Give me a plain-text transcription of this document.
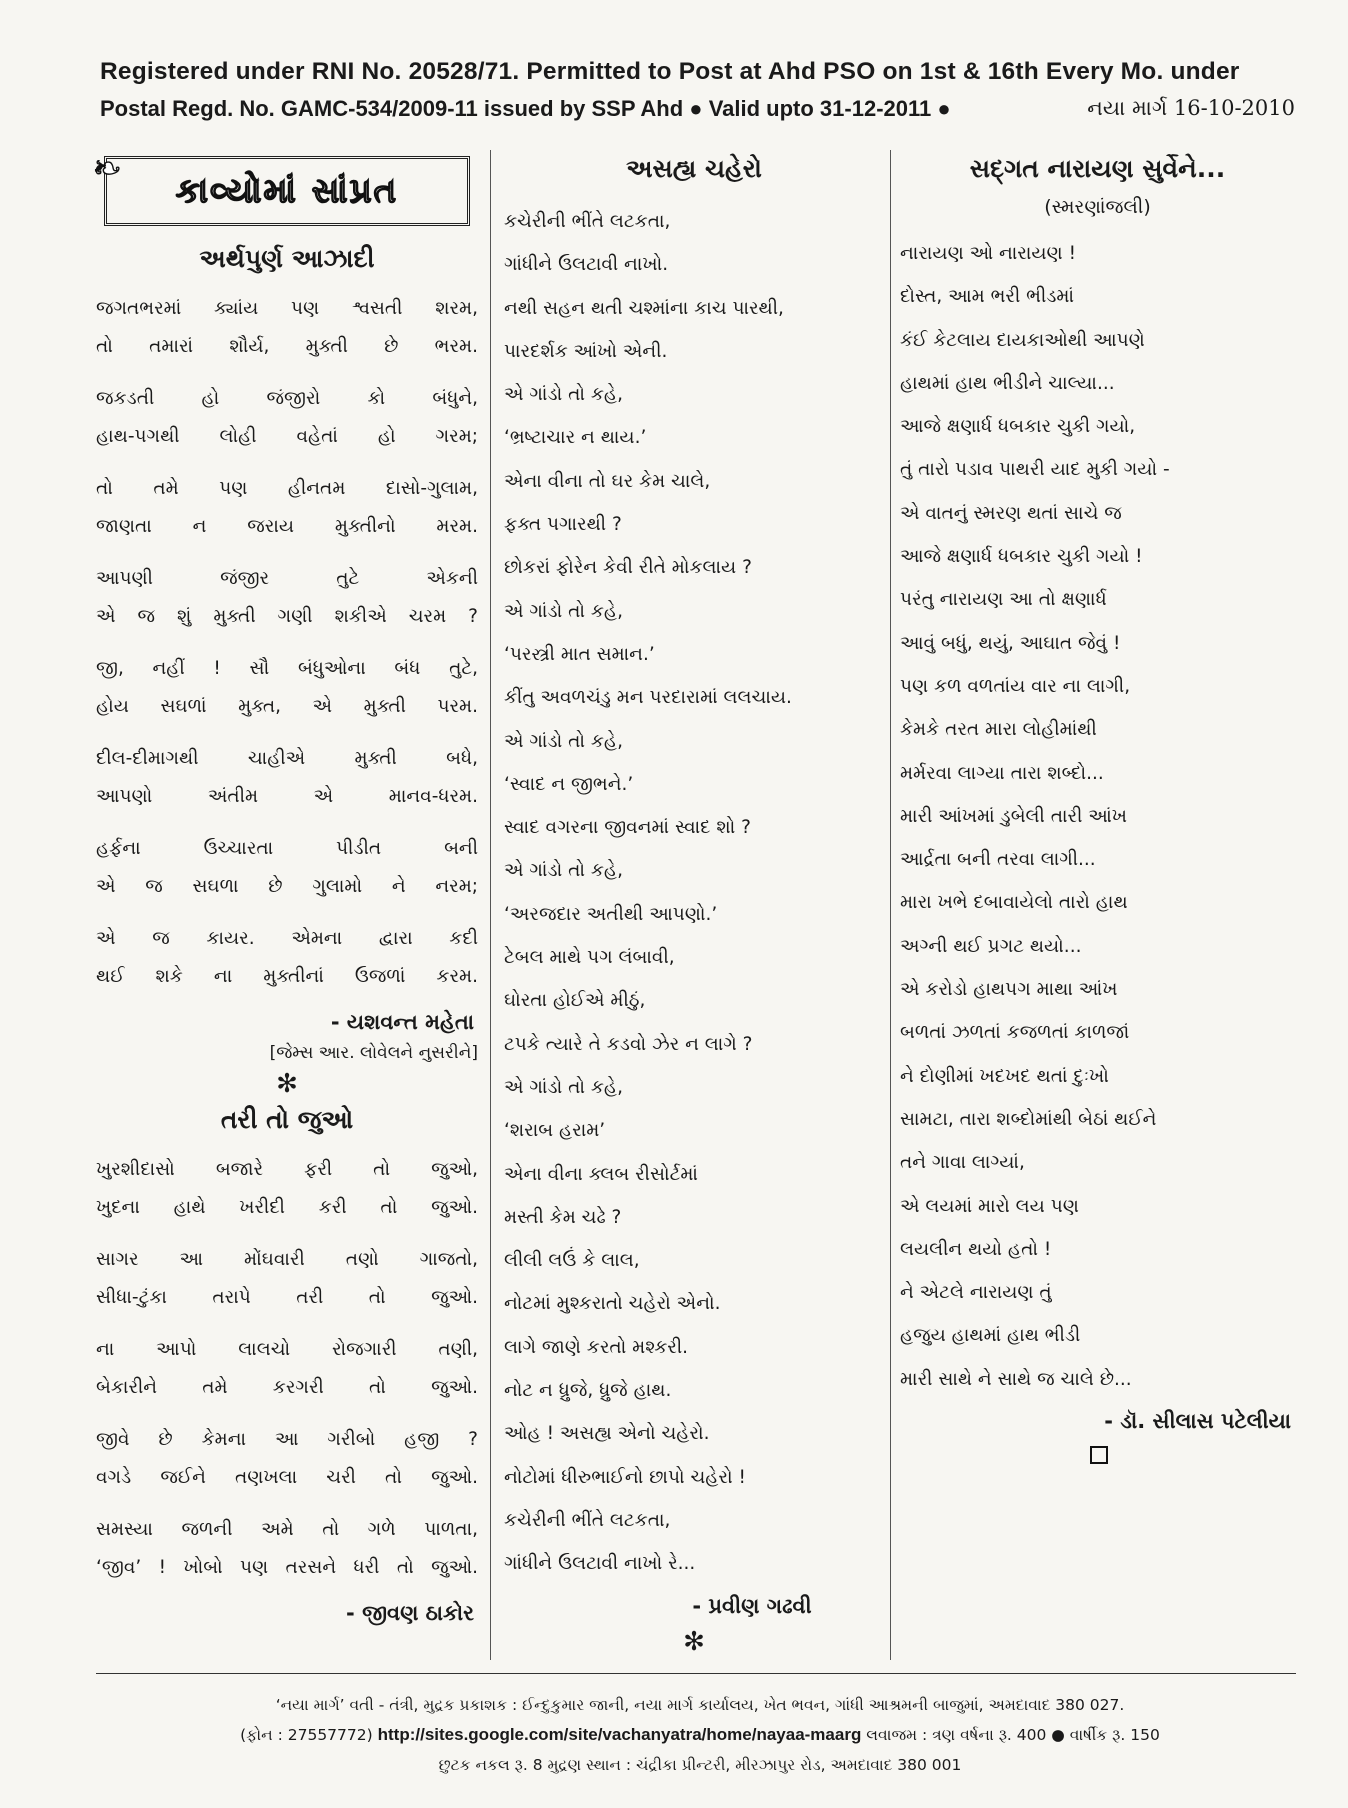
Registered under RNI No. 20528/71. Permitted to Post at Ahd PSO on 1st & 16th Every Mo. under
Postal Regd. No. GAMC-534/2009-11 issued by SSP Ahd ● Valid upto 31-12-2011 ●	નયા માર્ગ 16-10-2010
❧
કાવ્યોમાં સાંપ્રત
અર્થપુર્ણ આઝાદી
જગતભરમાં ક્યાંય પણ શ્વસતી શરમ,
તો તમારાં શૌર્ય, મુક્તી છે ભરમ.
જકડતી હો જંજીરો કો બંધુને,
હાથ-પગથી લોહી વહેતાં હો ગરમ;
તો તમે પણ હીનતમ દાસો-ગુલામ,
જાણતા ન જરાય મુક્તીનો મરમ.
આપણી જંજીર તુટે એકની
એ જ શું મુક્તી ગણી શકીએ ચરમ ?
જી, નહીં ! સૌ બંધુઓના બંધ તુટે,
હોય સઘળાં મુક્ત, એ મુક્તી પરમ.
દીલ-દીમાગથી ચાહીએ મુક્તી બધે,
આપણો અંતીમ એ માનવ-ધરમ.
હર્ફના ઉચ્ચારતા પીડીત બની
એ જ સઘળા છે ગુલામો ને નરમ;
એ જ કાયર. એમના દ્વારા કદી
થઈ શકે ના મુક્તીનાં ઉજળાં કરમ.
- યશવન્ત મહેતા
[જેમ્સ આર. લોવેલને નુસરીને]
✻
તરી તો જુઓ
ખુરશીદાસો બજારે ફરી તો જુઓ,
ખુદના હાથે ખરીદી કરી તો જુઓ.
સાગર આ મોંઘવારી તણો ગાજતો,
સીધા-ટુંકા તરાપે તરી તો જુઓ.
ના આપો લાલચો રોજગારી તણી,
બેકારીને તમે કરગરી તો જુઓ.
જીવે છે કેમના આ ગરીબો હજી ?
વગડે જઈને તણખલા ચરી તો જુઓ.
સમસ્યા જળની અમે તો ગળે પાળતા,
‘જીવ’ ! ખોબો પણ તરસને ધરી તો જુઓ.
- જીવણ ઠાકોર
અસહ્ય ચહેરો
કચેરીની ભીંતે લટકતા,
ગાંધીને ઉલટાવી નાખો.
નથી સહન થતી ચશ્માંના કાચ પારથી,
પારદર્શક આંખો એની.
એ ગાંડો તો કહે,
‘ભ્રષ્ટાચાર ન થાય.’
એના વીના તો ઘર કેમ ચાલે,
ફક્ત પગારથી ?
છોકરાં ફોરેન કેવી રીતે મોકલાય ?
એ ગાંડો તો કહે,
‘પરસ્ત્રી માત સમાન.’
કીંતુ અવળચંડુ મન પરદારામાં લલચાય.
એ ગાંડો તો કહે,
‘સ્વાદ ન જીભને.’
સ્વાદ વગરના જીવનમાં સ્વાદ શો ?
એ ગાંડો તો કહે,
‘અરજદાર અતીથી આપણો.’
ટેબલ માથે પગ લંબાવી,
ઘોરતા હોઈએ મીઠું,
ટપકે ત્યારે તે કડવો ઝેર ન લાગે ?
એ ગાંડો તો કહે,
‘શરાબ હરામ’
એના વીના ક્લબ રીસોર્ટમાં
મસ્તી કેમ ચઢે ?
લીલી લઉં કે લાલ,
નોટમાં મુશ્કરાતો ચહેરો એનો.
લાગે જાણે કરતો મશ્કરી.
નોટ ન ધ્રુજે, ધ્રુજે હાથ.
ઓહ ! અસહ્ય એનો ચહેરો.
નોટોમાં ધીરુભાઈનો છાપો ચહેરો !
કચેરીની ભીંતે લટકતા,
ગાંધીને ઉલટાવી નાખો રે...
- પ્રવીણ ગઢવી
✻
સદ્‌ગત નારાયણ સુર્વેને...
(સ્મરણાંજલી)
નારાયણ ઓ નારાયણ !
દોસ્ત, આમ ભરી ભીડમાં
કંઈ કેટલાય દાયકાઓથી આપણે
હાથમાં હાથ ભીડીને ચાલ્યા...
આજે ક્ષણાર્ધ ધબકાર ચુકી ગયો,
તું તારો પડાવ પાથરી યાદ મુકી ગયો -
એ વાતનું સ્મરણ થતાં સાચે જ
આજે ક્ષણાર્ધ ધબકાર ચુકી ગયો !
પરંતુ નારાયણ આ તો ક્ષણાર્ધ
આવું બધું, થયું, આઘાત જેવું !
પણ કળ વળતાંય વાર ના લાગી,
કેમકે તરત મારા લોહીમાંથી
મર્મરવા લાગ્યા તારા શબ્દો...
મારી આંખમાં ડુબેલી તારી આંખ
આર્દ્રતા બની તરવા લાગી...
મારા ખભે દબાવાયેલો તારો હાથ
અગ્ની થઈ પ્રગટ થયો...
એ કરોડો હાથપગ માથા આંખ
બળતાં ઝળતાં કજળતાં કાળજાં
ને દોણીમાં ખદખદ થતાં દુઃખો
સામટા, તારા શબ્દોમાંથી બેઠાં થઈને
તને ગાવા લાગ્યાં,
એ લયમાં મારો લય પણ
લયલીન થયો હતો !
ને એટલે નારાયણ તું
હજુય હાથમાં હાથ ભીડી
મારી સાથે ને સાથે જ ચાલે છે...
- ડૉ. સીલાસ પટેલીયા
‘નયા માર્ગ’ વતી - તંત્રી, મુદ્રક પ્રકાશક : ઈન્દુકુમાર જાની, નયા માર્ગ કાર્યાલય, ખેત ભવન, ગાંધી આશ્રમની બાજુમાં, અમદાવાદ 380 027.
(ફોન : 27557772) http://sites.google.com/site/vachanyatra/home/nayaa-maarg લવાજમ : ત્રણ વર્ષના રૂ. 400 ● વાર્ષીક રૂ. 150
છુટક નકલ રૂ. 8 મુદ્રણ સ્થાન : ચંદ્રીકા પ્રીન્ટરી, મીરઝાપુર રોડ, અમદાવાદ 380 001
